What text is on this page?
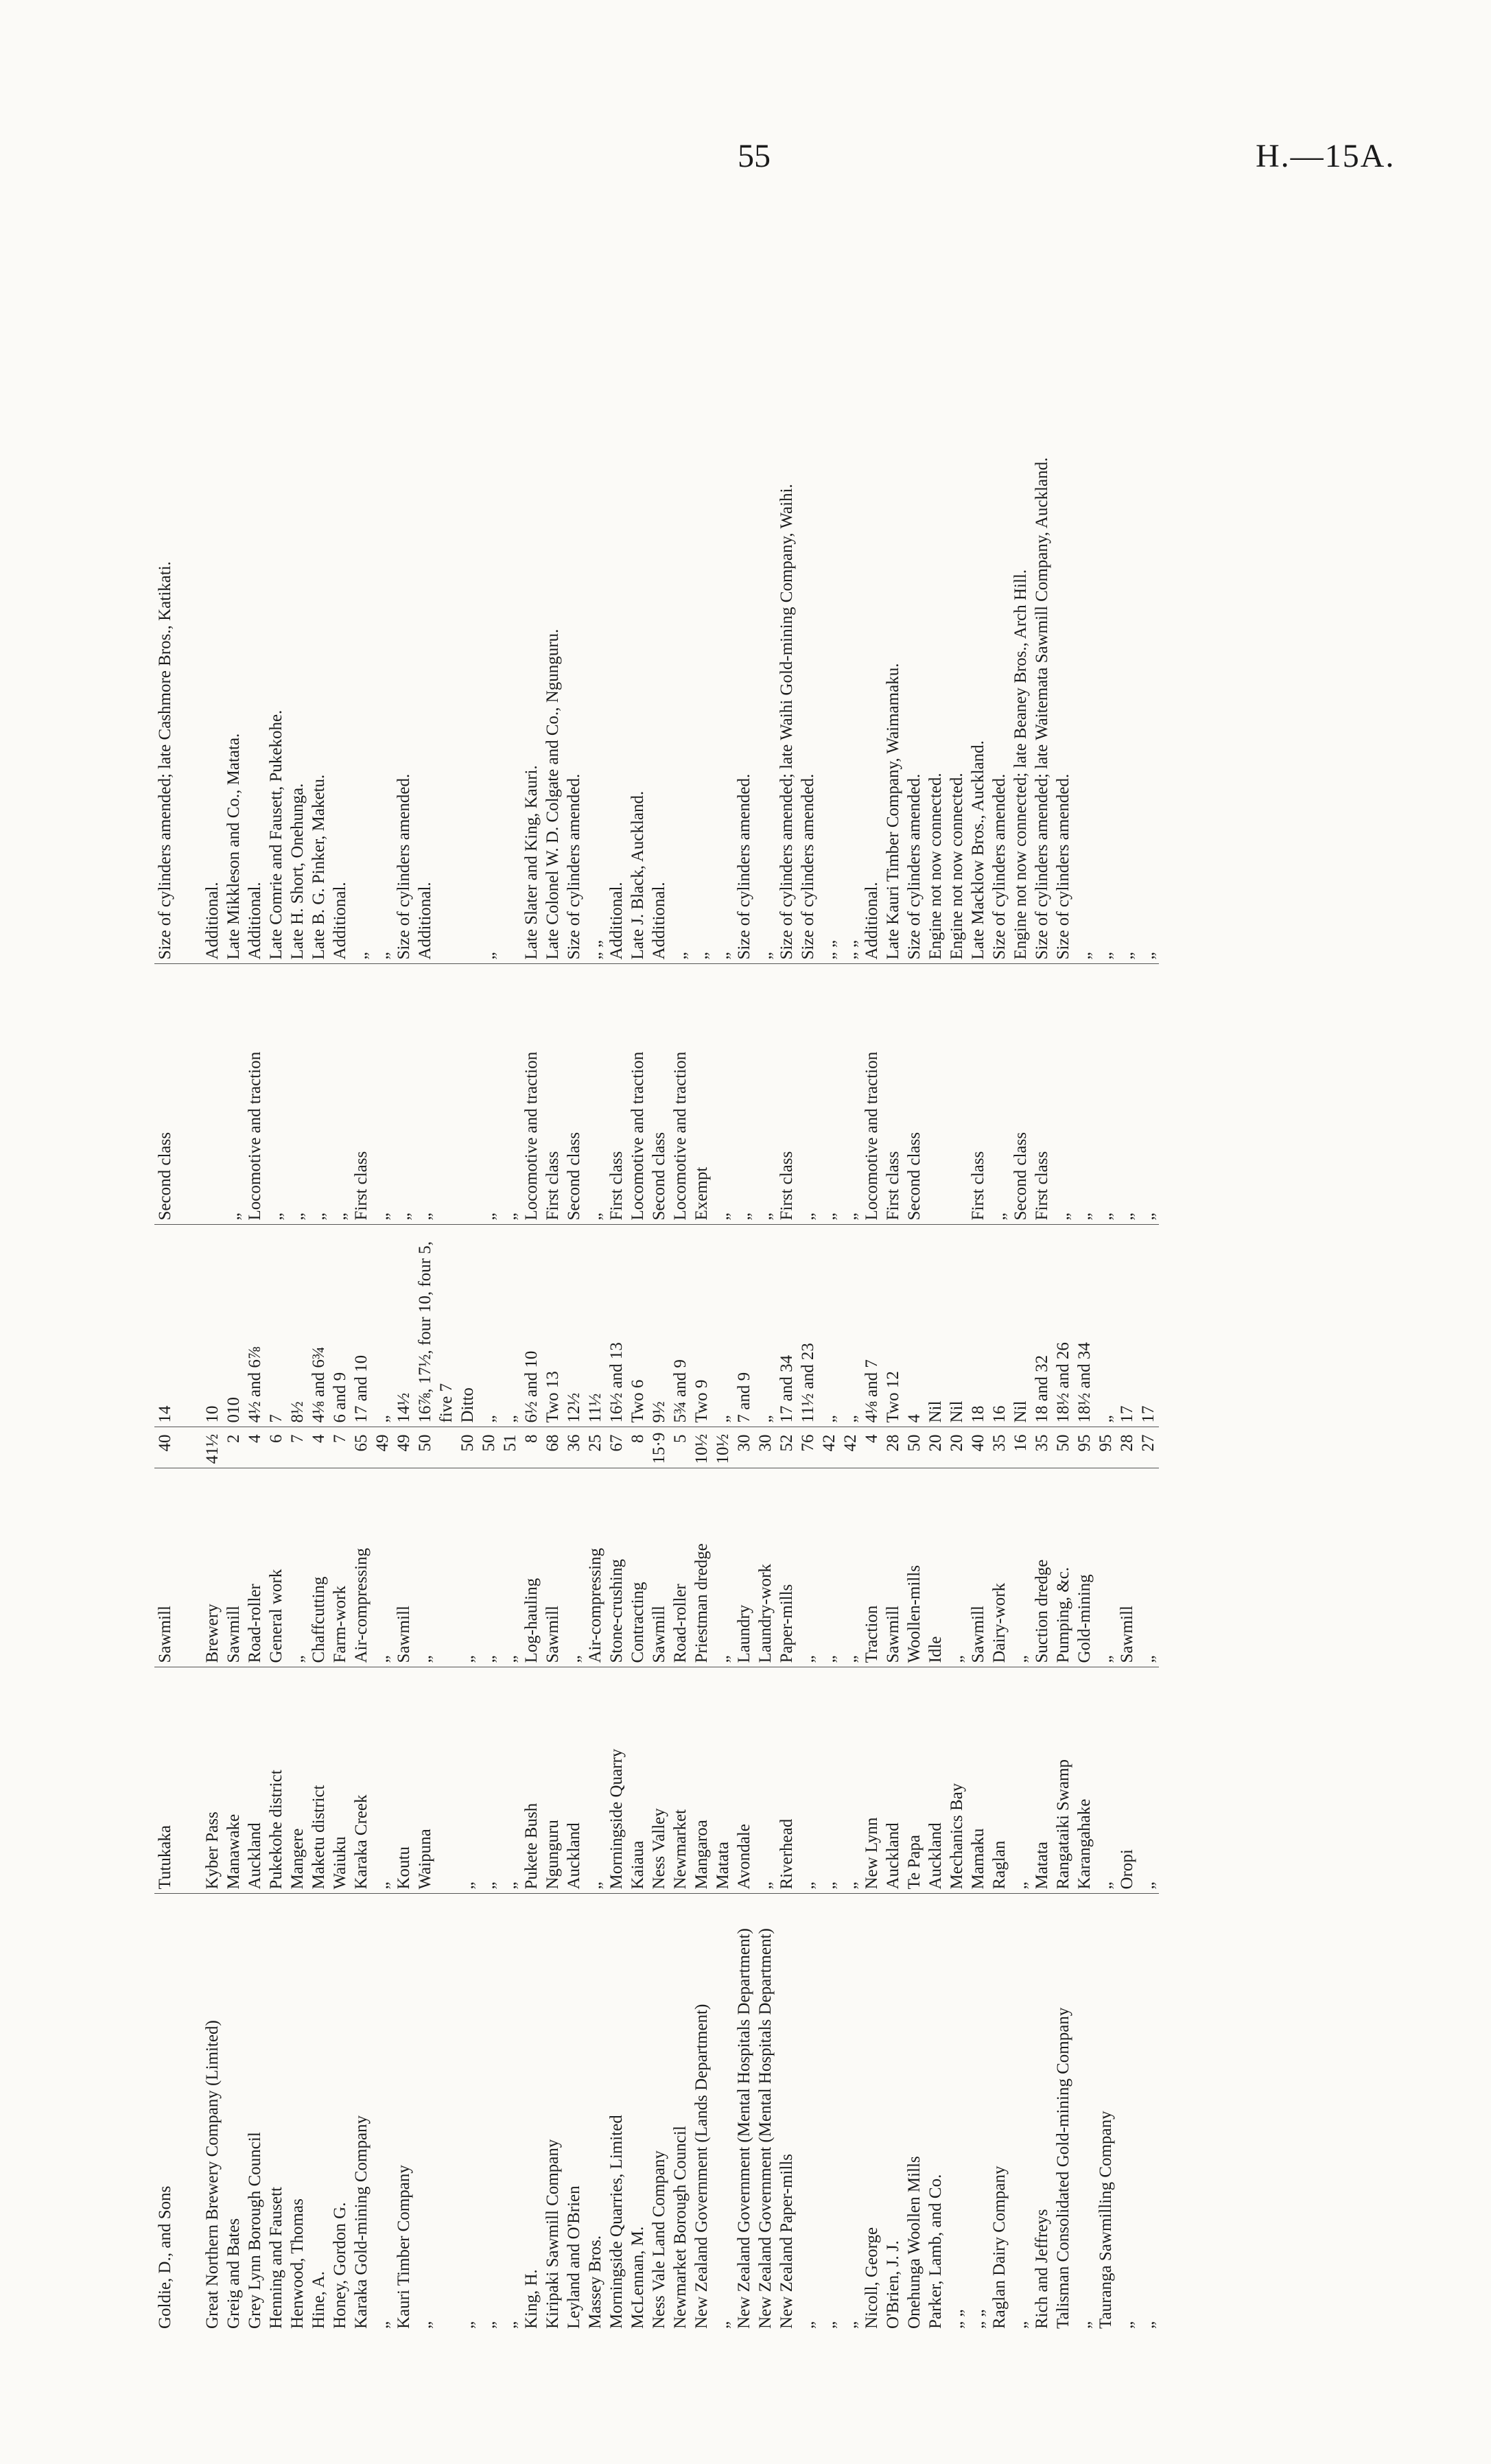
55	H.—15A.
Goldie, D., and Sons	Tutukaka	Sawmill	40	14	Second class	Size of cylinders amended; late Cashmore Bros., Katikati.

Great Northern Brewery Company (Limited)	Kyber Pass	Brewery	41½	10		Additional.
Greig and Bates	Manawake	Sawmill	2	010	„	Late Mikkleson and Co., Matata.
Grey Lynn Borough Council	Auckland	Road-roller	4	4½ and 6⅞	Locomotive and traction	Additional.
Henning and Fausett	Pukekohe district	General work	6	7	„	Late Comrie and Fausett, Pukekohe.
Henwood, Thomas	Mangere	„	7	8½	„	Late H. Short, Onehunga.
Hine, A.	Maketu district	Chaffcutting	4	4⅛ and 6¾	„	Late B. G. Pinker, Maketu.
Honey, Gordon G.	Waiuku	Farm-work	7	6 and 9	„	Additional.
Karaka Gold-mining Company	Karaka Creek	Air-compressing	65	17 and 10	First class	„
„	„	„	49	„	„	„
Kauri Timber Company	Koutu	Sawmill	49	14½	„	Size of cylinders amended.
„	Waipuna	„	50	16⅞, 17½, four 10, four 5, five 7	„	Additional.
„	„	„	50	Ditto		
„	„	„	50	„	„	„
„	„	„	51	„	„	
King, H.	Pukete Bush	Log-hauling	8	6½ and 10	Locomotive and traction	Late Slater and King, Kauri.
Kiripaki Sawmill Company	Ngunguru	Sawmill	68	Two 13	First class	Late Colonel W. D. Colgate and Co., Ngunguru.
Leyland and O'Brien	Auckland	„	36	12½	Second class	Size of cylinders amended.
Massey Bros.	„	Air-compressing	25	11½	„	„ „
Morningside Quarries, Limited	Morningside Quarry	Stone-crushing	67	16½ and 13	First class	Additional.
McLennan, M.	Kaiaua	Contracting	8	Two 6	Locomotive and traction	Late J. Black, Auckland.
Ness Vale Land Company	Ness Valley	Sawmill	15·9	9½	Second class	Additional.
Newmarket Borough Council	Newmarket	Road-roller	5	5¾ and 9	Locomotive and traction	„
New Zealand Government (Lands Department)	Mangaroa	Priestman dredge	10½	Two 9	Exempt	„
„	Matata	„	10½	„	„	„
New Zealand Government (Mental Hospitals Department)	Avondale	Laundry	30	7 and 9	„	Size of cylinders amended.
New Zealand Government (Mental Hospitals Department)	„	Laundry-work	30	„	„	„
New Zealand Paper-mills	Riverhead	Paper-mills	52	17 and 34	First class	Size of cylinders amended; late Waihi Gold-mining Company, Waihi.
„	„	„	76	11½ and 23	„	Size of cylinders amended.
„	„	„	42	„	„	„ „
„	„	„	42	„	„	„ „
Nicoll, George	New Lynn	Traction	4	4⅛ and 7	Locomotive and traction	Additional.
O'Brien, J. J.	Auckland	Sawmill	28	Two 12	First class	Late Kauri Timber Company, Waimamaku.
Onehunga Woollen Mills	Te Papa	Woollen-mills	50	4	Second class	Size of cylinders amended.
Parker, Lamb, and Co.	Auckland	Idle	20	Nil		Engine not now connected.
„ „	Mechanics Bay	„	20	Nil		Engine not now connected.
„ „	Mamaku	Sawmill	40	18	First class	Late Macklow Bros., Auckland.
Raglan Dairy Company	Raglan	Dairy-work	35	16	„	Size of cylinders amended.
„	„	„	16	Nil	Second class	Engine not now connected; late Beaney Bros., Arch Hill.
Rich and Jeffreys	Matata	Suction dredge	35	18 and 32	First class	Size of cylinders amended; late Waitemata Sawmill Company, Auckland.
Talisman Consolidated Gold-mining Company	Rangataiki Swamp	Pumping, &c.	50	18½ and 26	„	Size of cylinders amended.
„	Karangahake	Gold-mining	95	18½ and 34	„	„
Tauranga Sawmilling Company	„	„	95	„	„	„
„	Oropi	Sawmill	28	17	„	„
„	„	„	27	17	„	„
